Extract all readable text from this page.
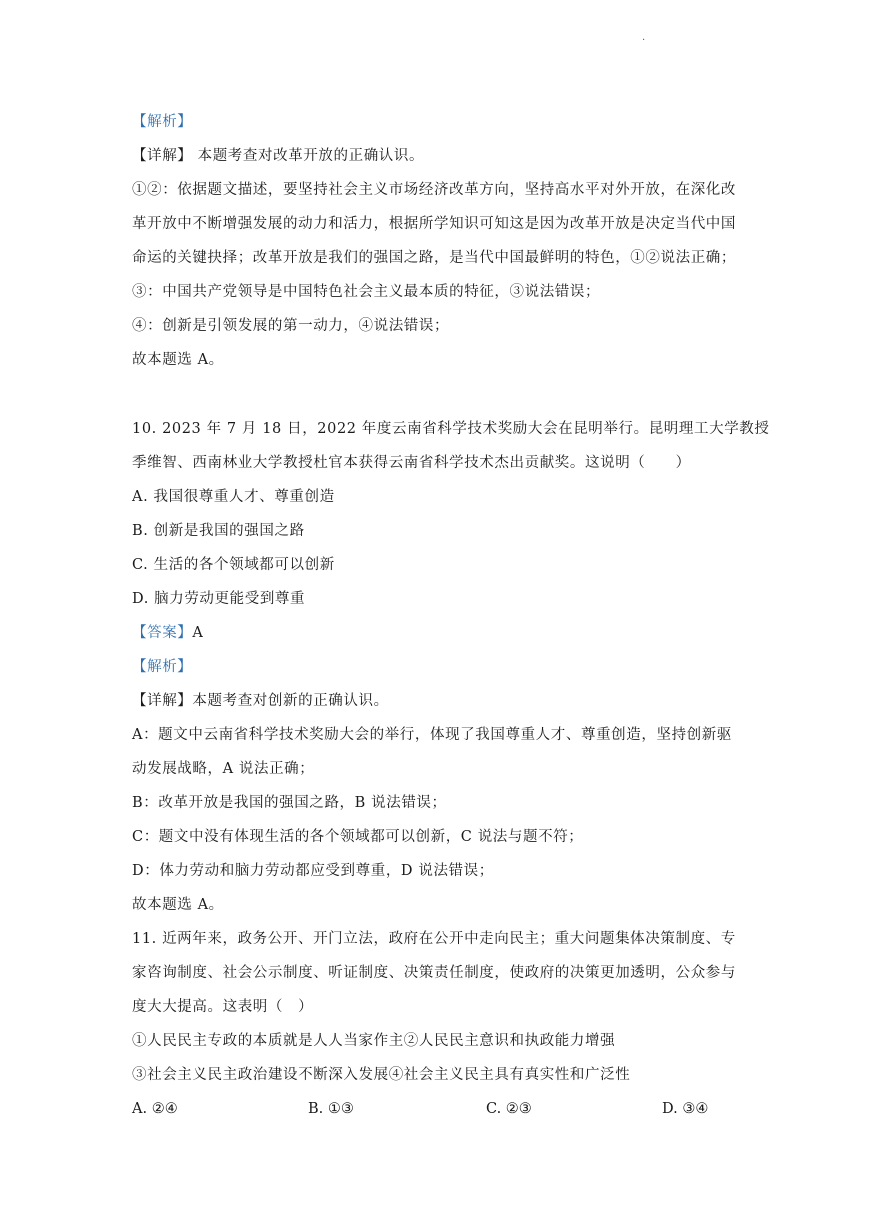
.
【解析】
【详解】 本题考查对改革开放的正确认识。
①②：依据题文描述，要坚持社会主义市场经济改革方向，坚持高水平对外开放，在深化改
革开放中不断增强发展的动力和活力，根据所学知识可知这是因为改革开放是决定当代中国
命运的关键抉择；改革开放是我们的强国之路，是当代中国最鲜明的特色，①②说法正确；
③：中国共产党领导是中国特色社会主义最本质的特征，③说法错误；
④：创新是引领发展的第一动力，④说法错误；
故本题选 A。
10. 2023 年 7 月 18 日，2022 年度云南省科学技术奖励大会在昆明举行。昆明理工大学教授
季维智、西南林业大学教授杜官本获得云南省科学技术杰出贡献奖。这说明（　　）
A. 我国很尊重人才、尊重创造
B. 创新是我国的强国之路
C. 生活的各个领域都可以创新
D. 脑力劳动更能受到尊重
【答案】A
【解析】
【详解】本题考查对创新的正确认识。
A：题文中云南省科学技术奖励大会的举行，体现了我国尊重人才、尊重创造，坚持创新驱
动发展战略，A 说法正确；
B：改革开放是我国的强国之路，B 说法错误；
C：题文中没有体现生活的各个领域都可以创新，C 说法与题不符；
D：体力劳动和脑力劳动都应受到尊重，D 说法错误；
故本题选 A。
11. 近两年来，政务公开、开门立法，政府在公开中走向民主；重大问题集体决策制度、专
家咨询制度、社会公示制度、听证制度、决策责任制度，使政府的决策更加透明，公众参与
度大大提高。这表明（　）
①人民民主专政的本质就是人人当家作主②人民民主意识和执政能力增强
③社会主义民主政治建设不断深入发展④社会主义民主具有真实性和广泛性
A. ②④	B. ①③	C. ②③	D. ③④
